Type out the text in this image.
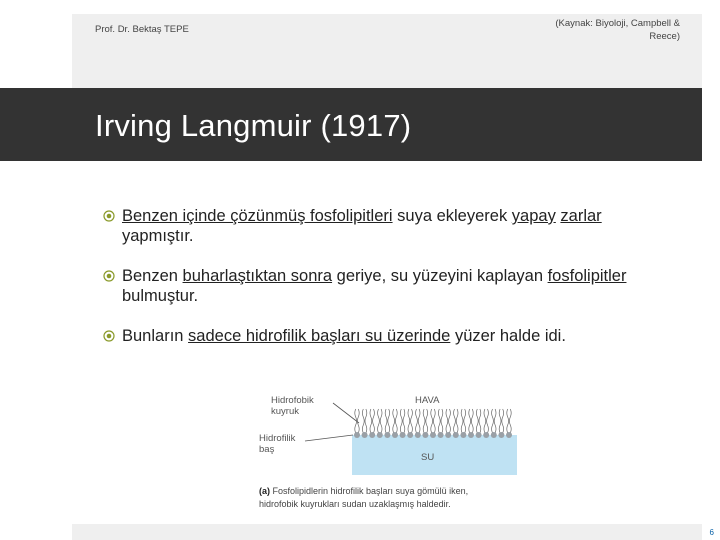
Prof. Dr. Bektaş TEPE
(Kaynak: Biyoloji, Campbell &
Reece)
Irving Langmuir (1917)
Benzen içinde çözünmüş fosfolipitleri suya ekleyerek yapay zarlar yapmıştır.
Benzen buharlaştıktan sonra geriye, su yüzeyini kaplayan fosfolipitler bulmuştur.
Bunların sadece hidrofilik başları su üzerinde yüzer halde idi.
Hidrofobik
kuyruk
Hidrofilik
baş
HAVA
SU
(a) Fosfolipidlerin hidrofilik başları suya gömülü iken,
hidrofobik kuyrukları sudan uzaklaşmış haldedir.
6
